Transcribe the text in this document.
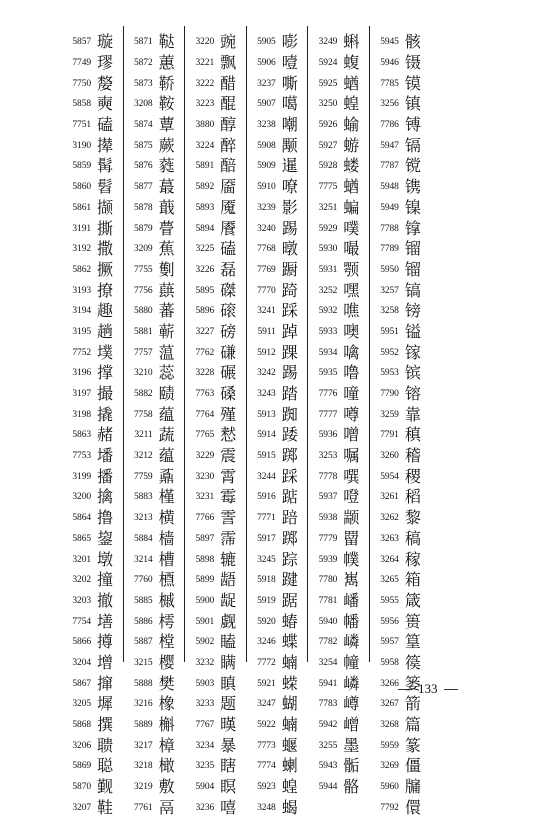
5857 璇
7749 璆
7750 嫠
5858 奭
7751 磕
3190 撵
5859 髯
5860 髫
5861 撷
3191 撕
3192 撒
5862 撅
3193 撩
3194 趣
3195 趟
7752 墣
3196 撑
3197 撮
3198 撬
5863 赭
7753 墦
3199 播
3200 擒
5864 撸
5865 鋆
3201 墩
3202 撞
3203 撤
7754 墡
5866 撙
3204 增
5867 撺
3205 墀
5868 撰
3206 聩
5869 聪
5870 觐
3207 鞋
5871 鞑
5872 蕙
5873 鞒
3208 鞍
5874 蕈
5875 蕨
5876 蕤
5877 蕞
5878 蕺
5879 瞢
3209 蕉
7755 劐
7756 蕻
5880 蕃
5881 蕲
7757 蕰
3210 蕊
5882 赜
7758 蕴
3211 蔬
3212 蕴
7759 鼒
5883 槿
3213 横
5884 樯
3214 槽
7760 槱
5885 槭
5886 樗
5887 樘
3215 樱
5888 樊
3216 橡
5889 槲
3217 樟
3218 橄
3219 敷
7761 鬲
3220 豌
3221 飘
3222 醋
3223 醌
3880 醇
3224 醉
5891 醅
5892 靥
5893 魇
5894 餍
3225 磕
3226 磊
5895 磔
5896 磙
3227 磅
7762 磏
3228 碾
7763 磉
7764 殣
7765 慭
3229 震
3230 霄
3231 霉
7766 霅
5897 霈
5898 辘
5899 龉
5900 龊
5901 觑
5902 瞌
3232 瞒
5903 瞋
3233 题
7767 暵
3234 暴
3235 瞎
5904 瞑
3236 嘻
5905 嘭
5906 噎
3237 嘶
5907 噶
3238 嘲
5908 颙
5909 暹
5910 嘹
3239 影
3240 踢
7768 暾
7769 蹰
7770 踦
3241 踩
5911 踔
5912 踝
3242 踢
3243 踏
5913 踟
5914 踒
5915 踯
3244 踩
5916 踮
7771 踣
5917 踯
3245 踪
5918 踺
5919 踞
5920 蝽
3246 蝶
7772 蝻
5921 蝾
3247 蝴
5922 蝻
7773 蝘
7774 蝲
5923 蝗
3248 蝎
3249 蝌
5924 蝮
5925 蝤
3250 蝗
5926 蝓
5927 蝣
5928 蝼
7775 蝤
3251 蝙
5929 噗
5930 嘬
5931 颚
3252 嘿
5932 噍
5933 噢
5934 噙
5935 噜
7776 噇
7777 噂
5936 噌
3253 嘱
7778 噀
5937 噔
5938 颛
7779 罶
5939 幞
7780 嶲
7781 嶓
5940 幡
7782 嶙
3254 幢
5941 嶙
7783 嶟
5942 嶒
3255 墨
5943 骺
5944 骼
5945 骸
5946 镊
7785 镆
3256 镇
7786 镈
5947 镉
7787 镋
5948 镌
5949 镍
7788 镎
7789 镏
5950 镏
3257 镐
3258 镑
5951 镒
5952 镓
5953 镔
7790 镕
3259 靠
7791 稹
3260 稽
5954 稷
3261 稻
3262 黎
3263 稿
3264 稼
3265 箱
5955 箴
5956 篑
5957 篁
5958 篌
3266 篓
3267 箭
3268 篇
5959 篆
3269 僵
5960 牖
7792 儇
133
